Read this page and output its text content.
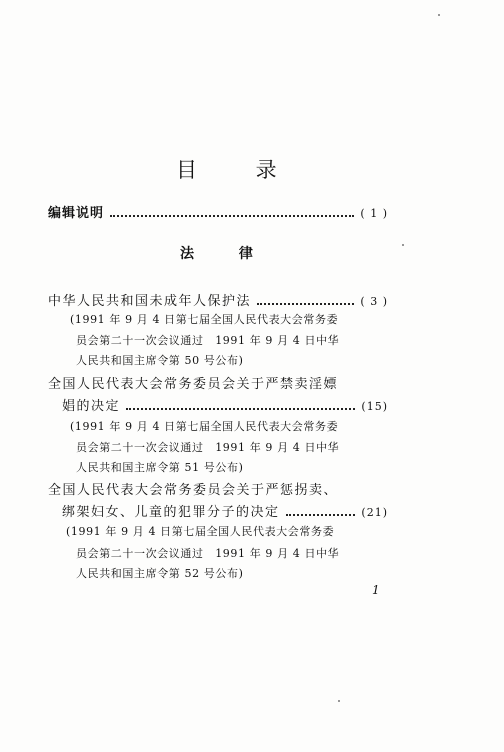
目 录
编辑说明	( 1 )
法 律
中华人民共和国未成年人保护法	( 3 )
(1991 年 9 月 4 日第七届全国人民代表大会常务委
员会第二十一次会议通过　1991 年 9 月 4 日中华
人民共和国主席令第 50 号公布)
全国人民代表大会常务委员会关于严禁卖淫嫖
娼的决定	(15)
(1991 年 9 月 4 日第七届全国人民代表大会常务委
员会第二十一次会议通过　1991 年 9 月 4 日中华
人民共和国主席令第 51 号公布)
全国人民代表大会常务委员会关于严惩拐卖、
绑架妇女、儿童的犯罪分子的决定	(21)
(1991 年 9 月 4 日第七届全国人民代表大会常务委
员会第二十一次会议通过　1991 年 9 月 4 日中华
人民共和国主席令第 52 号公布)
1
